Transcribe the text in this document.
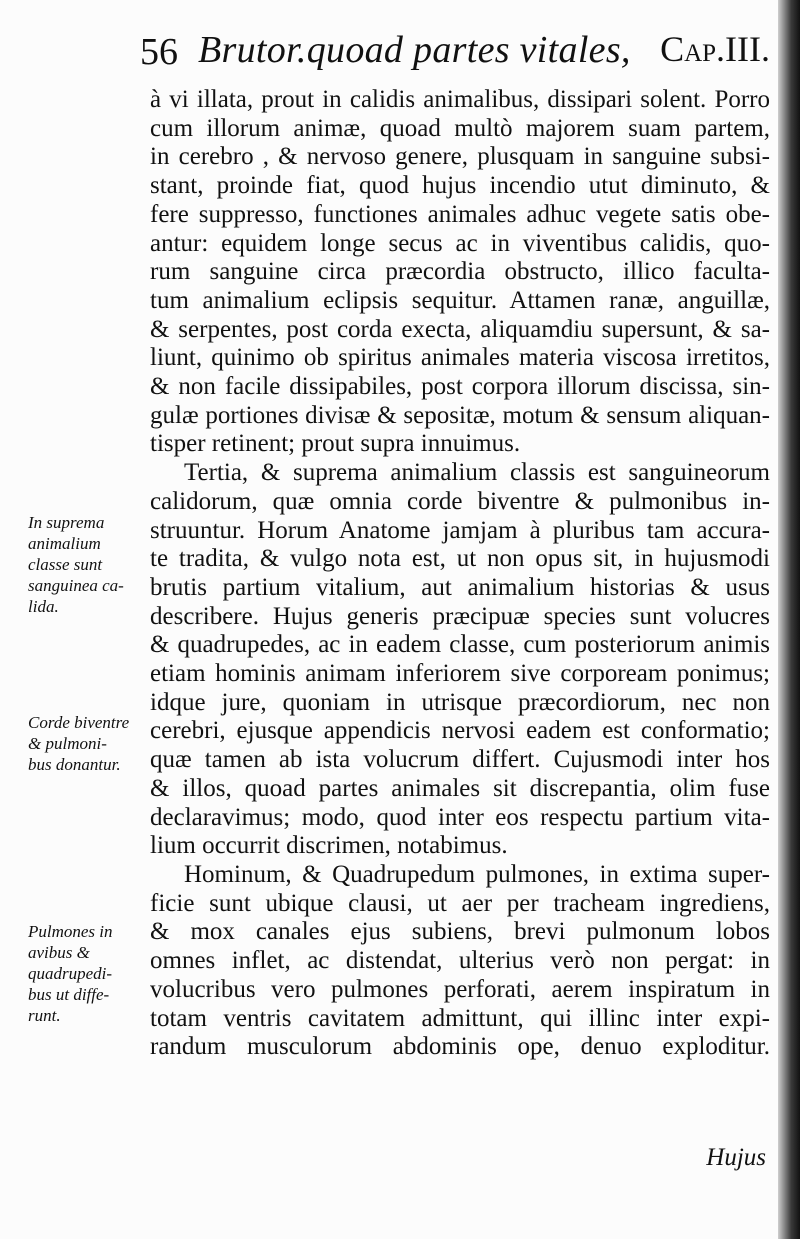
56 Brutor.quoad partes vitales, Cap.III.
à vi illata, prout in calidis animalibus, dissipari solent. Porro
cum illorum animæ, quoad multò majorem suam partem,
in cerebro , & nervoso genere, plusquam in sanguine subsi-
stant, proinde fiat, quod hujus incendio utut diminuto, &
fere suppresso, functiones animales adhuc vegete satis obe-
antur: equidem longe secus ac in viventibus calidis, quo-
rum sanguine circa præcordia obstructo, illico faculta-
tum animalium eclipsis sequitur. Attamen ranæ, anguillæ,
& serpentes, post corda execta, aliquamdiu supersunt, & sa-
liunt, quinimo ob spiritus animales materia viscosa irretitos,
& non facile dissipabiles, post corpora illorum discissa, sin-
gulæ portiones divisæ & sepositæ, motum & sensum aliquan-
tisper retinent; prout supra innuimus.
Tertia, & suprema animalium classis est sanguineorum
calidorum, quæ omnia corde biventre & pulmonibus in-
struuntur. Horum Anatome jamjam à pluribus tam accura-
te tradita, & vulgo nota est, ut non opus sit, in hujusmodi
brutis partium vitalium, aut animalium historias & usus
describere. Hujus generis præcipuæ species sunt volucres
& quadrupedes, ac in eadem classe, cum posteriorum animis
etiam hominis animam inferiorem sive corpoream ponimus;
idque jure, quoniam in utrisque præcordiorum, nec non
cerebri, ejusque appendicis nervosi eadem est conformatio;
quæ tamen ab ista volucrum differt. Cujusmodi inter hos
& illos, quoad partes animales sit discrepantia, olim fuse
declaravimus; modo, quod inter eos respectu partium vita-
lium occurrit discrimen, notabimus.
Hominum, & Quadrupedum pulmones, in extima super-
ficie sunt ubique clausi, ut aer per tracheam ingrediens,
& mox canales ejus subiens, brevi pulmonum lobos
omnes inflet, ac distendat, ulterius verò non pergat: in
volucribus vero pulmones perforati, aerem inspiratum in
totam ventris cavitatem admittunt, qui illinc inter expi-
randum musculorum abdominis ope, denuo exploditur.
In suprema
animalium
classe sunt
sanguinea ca-
lida.
Corde biventre
& pulmoni-
bus donantur.
Pulmones in
avibus &
quadrupedi-
bus ut diffe-
runt.
Hujus
